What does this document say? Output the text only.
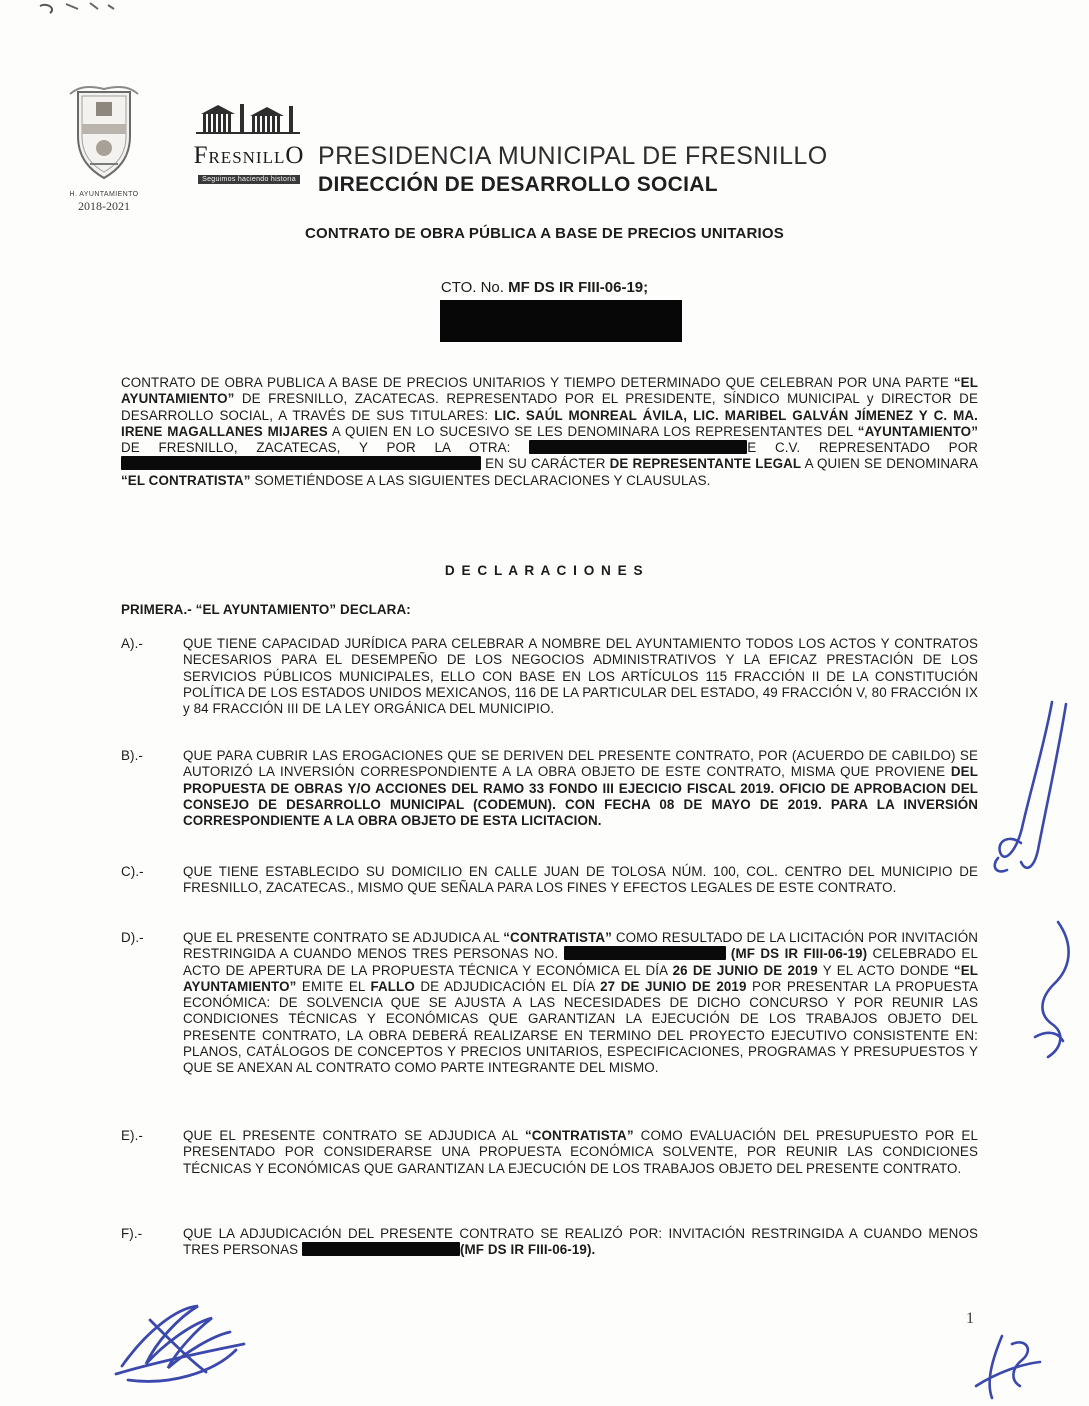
H. AYUNTAMIENTO
2018-2021
FRESNILLO
Seguimos haciendo historia
PRESIDENCIA MUNICIPAL DE FRESNILLO
DIRECCIÓN DE DESARROLLO SOCIAL
CONTRATO DE OBRA PÚBLICA A BASE DE PRECIOS UNITARIOS
CTO. No. MF DS IR FIII-06-19;

CONTRATO DE OBRA PUBLICA A BASE DE PRECIOS UNITARIOS Y TIEMPO DETERMINADO QUE CELEBRAN POR UNA PARTE “EL AYUNTAMIENTO” DE FRESNILLO, ZACATECAS. REPRESENTADO POR EL PRESIDENTE, SÍNDICO MUNICIPAL y DIRECTOR DE DESARROLLO SOCIAL, A TRAVÉS DE SUS TITULARES: LIC. SAÚL MONREAL ÁVILA, LIC. MARIBEL GALVÁN JÍMENEZ Y C. MA. IRENE MAGALLANES MIJARES A QUIEN EN LO SUCESIVO SE LES DENOMINARA LOS REPRESENTANTES DEL “AYUNTAMIENTO” DE FRESNILLO, ZACATECAS, Y POR LA OTRA:	E C.V. REPRESENTADO POR  EN SU CARÁCTER DE REPRESENTANTE LEGAL A QUIEN SE DENOMINARA “EL CONTRATISTA” SOMETIÉNDOSE A LAS SIGUIENTES DECLARACIONES Y CLAUSULAS.

D E C L A R A C I O N E S
PRIMERA.- “EL AYUNTAMIENTO” DECLARA:
A).-	QUE TIENE CAPACIDAD JURÍDICA PARA CELEBRAR A NOMBRE DEL AYUNTAMIENTO TODOS LOS ACTOS Y CONTRATOS NECESARIOS PARA EL DESEMPEÑO DE LOS NEGOCIOS ADMINISTRATIVOS Y LA EFICAZ PRESTACIÓN DE LOS SERVICIOS PÚBLICOS MUNICIPALES, ELLO CON BASE EN LOS ARTÍCULOS 115 FRACCIÓN II DE LA CONSTITUCIÓN POLÍTICA DE LOS ESTADOS UNIDOS MEXICANOS, 116 DE LA PARTICULAR DEL ESTADO, 49 FRACCIÓN V, 80 FRACCIÓN IX y 84 FRACCIÓN III DE LA LEY ORGÁNICA DEL MUNICIPIO.
B).-	QUE PARA CUBRIR LAS EROGACIONES QUE SE DERIVEN DEL PRESENTE CONTRATO, POR (ACUERDO DE CABILDO) SE AUTORIZÓ LA INVERSIÓN CORRESPONDIENTE A LA OBRA OBJETO DE ESTE CONTRATO, MISMA QUE PROVIENE DEL PROPUESTA DE OBRAS Y/O ACCIONES DEL RAMO 33 FONDO III EJECICIO FISCAL 2019. OFICIO DE APROBACION DEL CONSEJO DE DESARROLLO MUNICIPAL (CODEMUN). CON FECHA 08 DE MAYO DE 2019. PARA LA INVERSIÓN CORRESPONDIENTE A LA OBRA OBJETO DE ESTA LICITACION.
C).-	QUE TIENE ESTABLECIDO SU DOMICILIO EN CALLE JUAN DE TOLOSA NÚM. 100, COL. CENTRO DEL MUNICIPIO DE FRESNILLO, ZACATECAS., MISMO QUE SEÑALA PARA LOS FINES Y EFECTOS LEGALES DE ESTE CONTRATO.
D).-	QUE EL PRESENTE CONTRATO SE ADJUDICA AL “CONTRATISTA” COMO RESULTADO DE LA LICITACIÓN POR INVITACIÓN RESTRINGIDA A CUANDO MENOS TRES PERSONAS NO.	(MF DS IR FIII-06-19) CELEBRADO EL ACTO DE APERTURA DE LA PROPUESTA TÉCNICA Y ECONÓMICA EL DÍA 26 DE JUNIO DE 2019 Y EL ACTO DONDE “EL AYUNTAMIENTO” EMITE EL FALLO DE ADJUDICACIÓN EL DÍA 27 DE JUNIO DE 2019 POR PRESENTAR LA PROPUESTA ECONÓMICA: DE SOLVENCIA QUE SE AJUSTA A LAS NECESIDADES DE DICHO CONCURSO Y POR REUNIR LAS CONDICIONES TÉCNICAS Y ECONÓMICAS QUE GARANTIZAN LA EJECUCIÓN DE LOS TRABAJOS OBJETO DEL PRESENTE CONTRATO, LA OBRA DEBERÁ REALIZARSE EN TERMINO DEL PROYECTO EJECUTIVO CONSISTENTE EN: PLANOS, CATÁLOGOS DE CONCEPTOS Y PRECIOS UNITARIOS, ESPECIFICACIONES, PROGRAMAS Y PRESUPUESTOS Y QUE SE ANEXAN AL CONTRATO COMO PARTE INTEGRANTE DEL MISMO.
E).-	QUE EL PRESENTE CONTRATO SE ADJUDICA AL “CONTRATISTA” COMO EVALUACIÓN DEL PRESUPUESTO POR EL PRESENTADO POR CONSIDERARSE UNA PROPUESTA ECONÓMICA SOLVENTE, POR REUNIR LAS CONDICIONES TÉCNICAS Y ECONÓMICAS QUE GARANTIZAN LA EJECUCIÓN DE LOS TRABAJOS OBJETO DEL PRESENTE CONTRATO.
F).-	QUE LA ADJUDICACIÓN DEL PRESENTE CONTRATO SE REALIZÓ POR: INVITACIÓN RESTRINGIDA A CUANDO MENOS TRES PERSONAS	(MF DS IR FIII-06-19).
1
